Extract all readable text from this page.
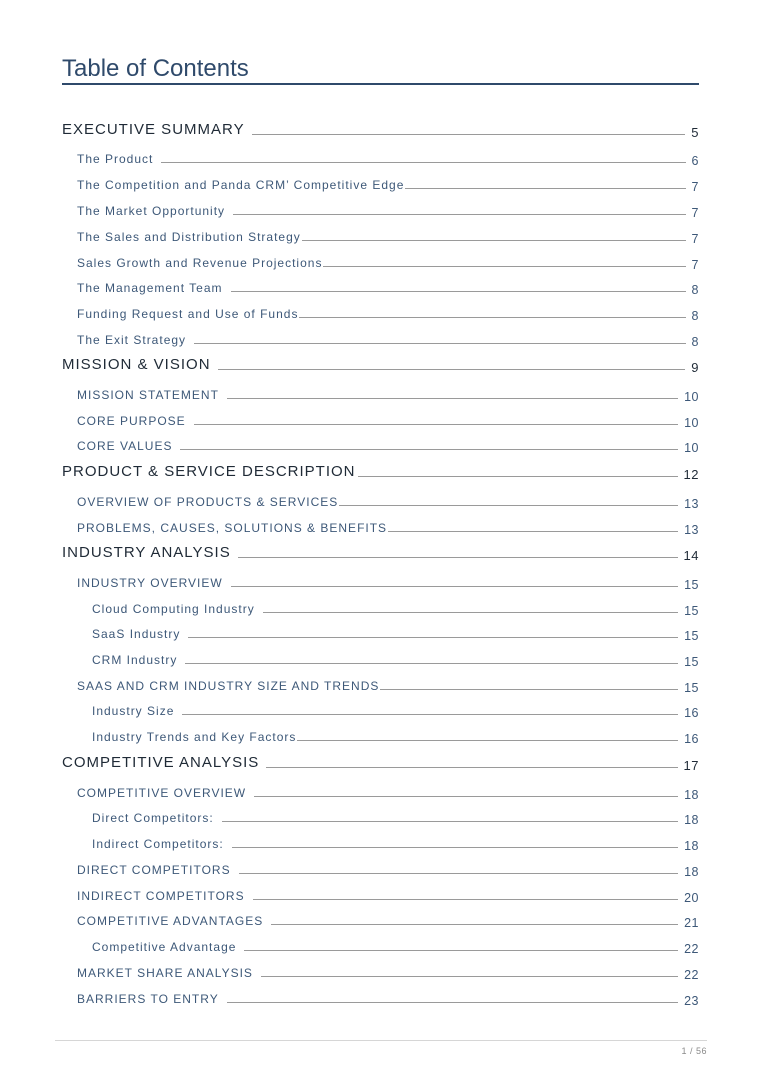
Table of Contents
EXECUTIVE SUMMARY	5
The Product	6
The Competition and Panda CRM’ Competitive Edge	7
The Market Opportunity	7
The Sales and Distribution Strategy	7
Sales Growth and Revenue Projections	7
The Management Team	8
Funding Request and Use of Funds	8
The Exit Strategy	8
MISSION & VISION	9
MISSION STATEMENT	10
CORE PURPOSE	10
CORE VALUES	10
PRODUCT & SERVICE DESCRIPTION	12
OVERVIEW OF PRODUCTS & SERVICES	13
PROBLEMS, CAUSES, SOLUTIONS & BENEFITS	13
INDUSTRY ANALYSIS	14
INDUSTRY OVERVIEW	15
Cloud Computing Industry	15
SaaS Industry	15
CRM Industry	15
SAAS AND CRM INDUSTRY SIZE AND TRENDS	15
Industry Size	16
Industry Trends and Key Factors	16
COMPETITIVE ANALYSIS	17
COMPETITIVE OVERVIEW	18
Direct Competitors:	18
Indirect Competitors:	18
DIRECT COMPETITORS	18
INDIRECT COMPETITORS	20
COMPETITIVE ADVANTAGES	21
Competitive Advantage	22
MARKET SHARE ANALYSIS	22
BARRIERS TO ENTRY	23
1 / 56
